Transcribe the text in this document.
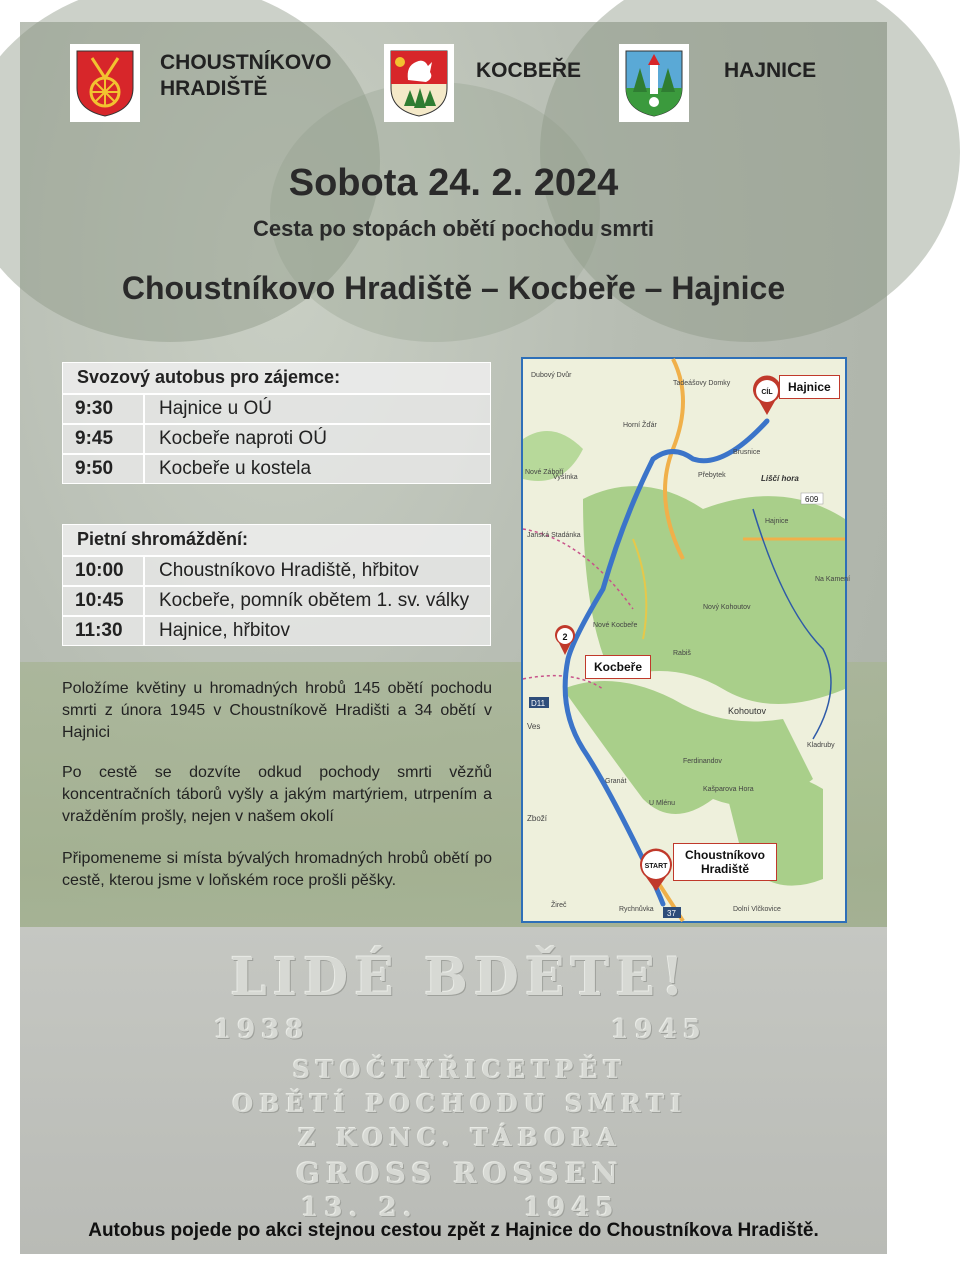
LIDÉ BDĚTE!
1938                    1945
STOČTYŘICETPĚT
OBĚTÍ POCHODU SMRTI
Z KONC. TÁBORA
GROSS ROSSEN
13. 2.       1945
CHOUSTNÍKOVO
HRADIŠTĚ
KOCBEŘE	HAJNICE
Sobota 24. 2. 2024
Cesta po stopách obětí pochodu smrti
Choustníkovo Hradiště – Kocbeře – Hajnice
Svozový autobus pro zájemce:
9:30	Hajnice u OÚ
9:45	Kocbeře naproti OÚ
9:50	Kocbeře u kostela
Pietní shromáždění:
10:00	Choustníkovo Hradiště, hřbitov
10:45	Kocbeře, pomník obětem 1. sv. války
11:30	Hajnice, hřbitov
Položíme květiny u hromadných hrobů 145 obětí pochodu smrti z února 1945 v Choustníkově Hradišti a 34 obětí v Hajnici
Po cestě se dozvíte odkud pochody smrti vězňů koncentračních táborů vyšly a jakým martýriem, utrpením a vražděním prošly, nejen v našem okolí
Připomeneme si místa bývalých hromadných hrobů obětí po cestě, kterou jsme v loňském roce prošli pěšky.
Dubový Dvůr
Tadeášovy Domky
Horní Žďár
Přebytek
Brusnice
Vyšínka
Nové Záboří
Liščí hora
Hajnice
Janská Stadánka
Nový Kohoutov
Nové Kocbeře
Rabiš
Kohoutov
Ves
Ferdinandov
Kašparova Hora
Zboží
Granát
U Mlénu
Žireč
Rychnůvka	Dolní Vlčkovice
Kladruby
Na Kamení
609
D11
37
CÍL
2
START
Hajnice
Kocbeře
Choustníkovo Hradiště
Autobus pojede po akci stejnou cestou zpět z Hajnice do Choustníkova Hradiště.
